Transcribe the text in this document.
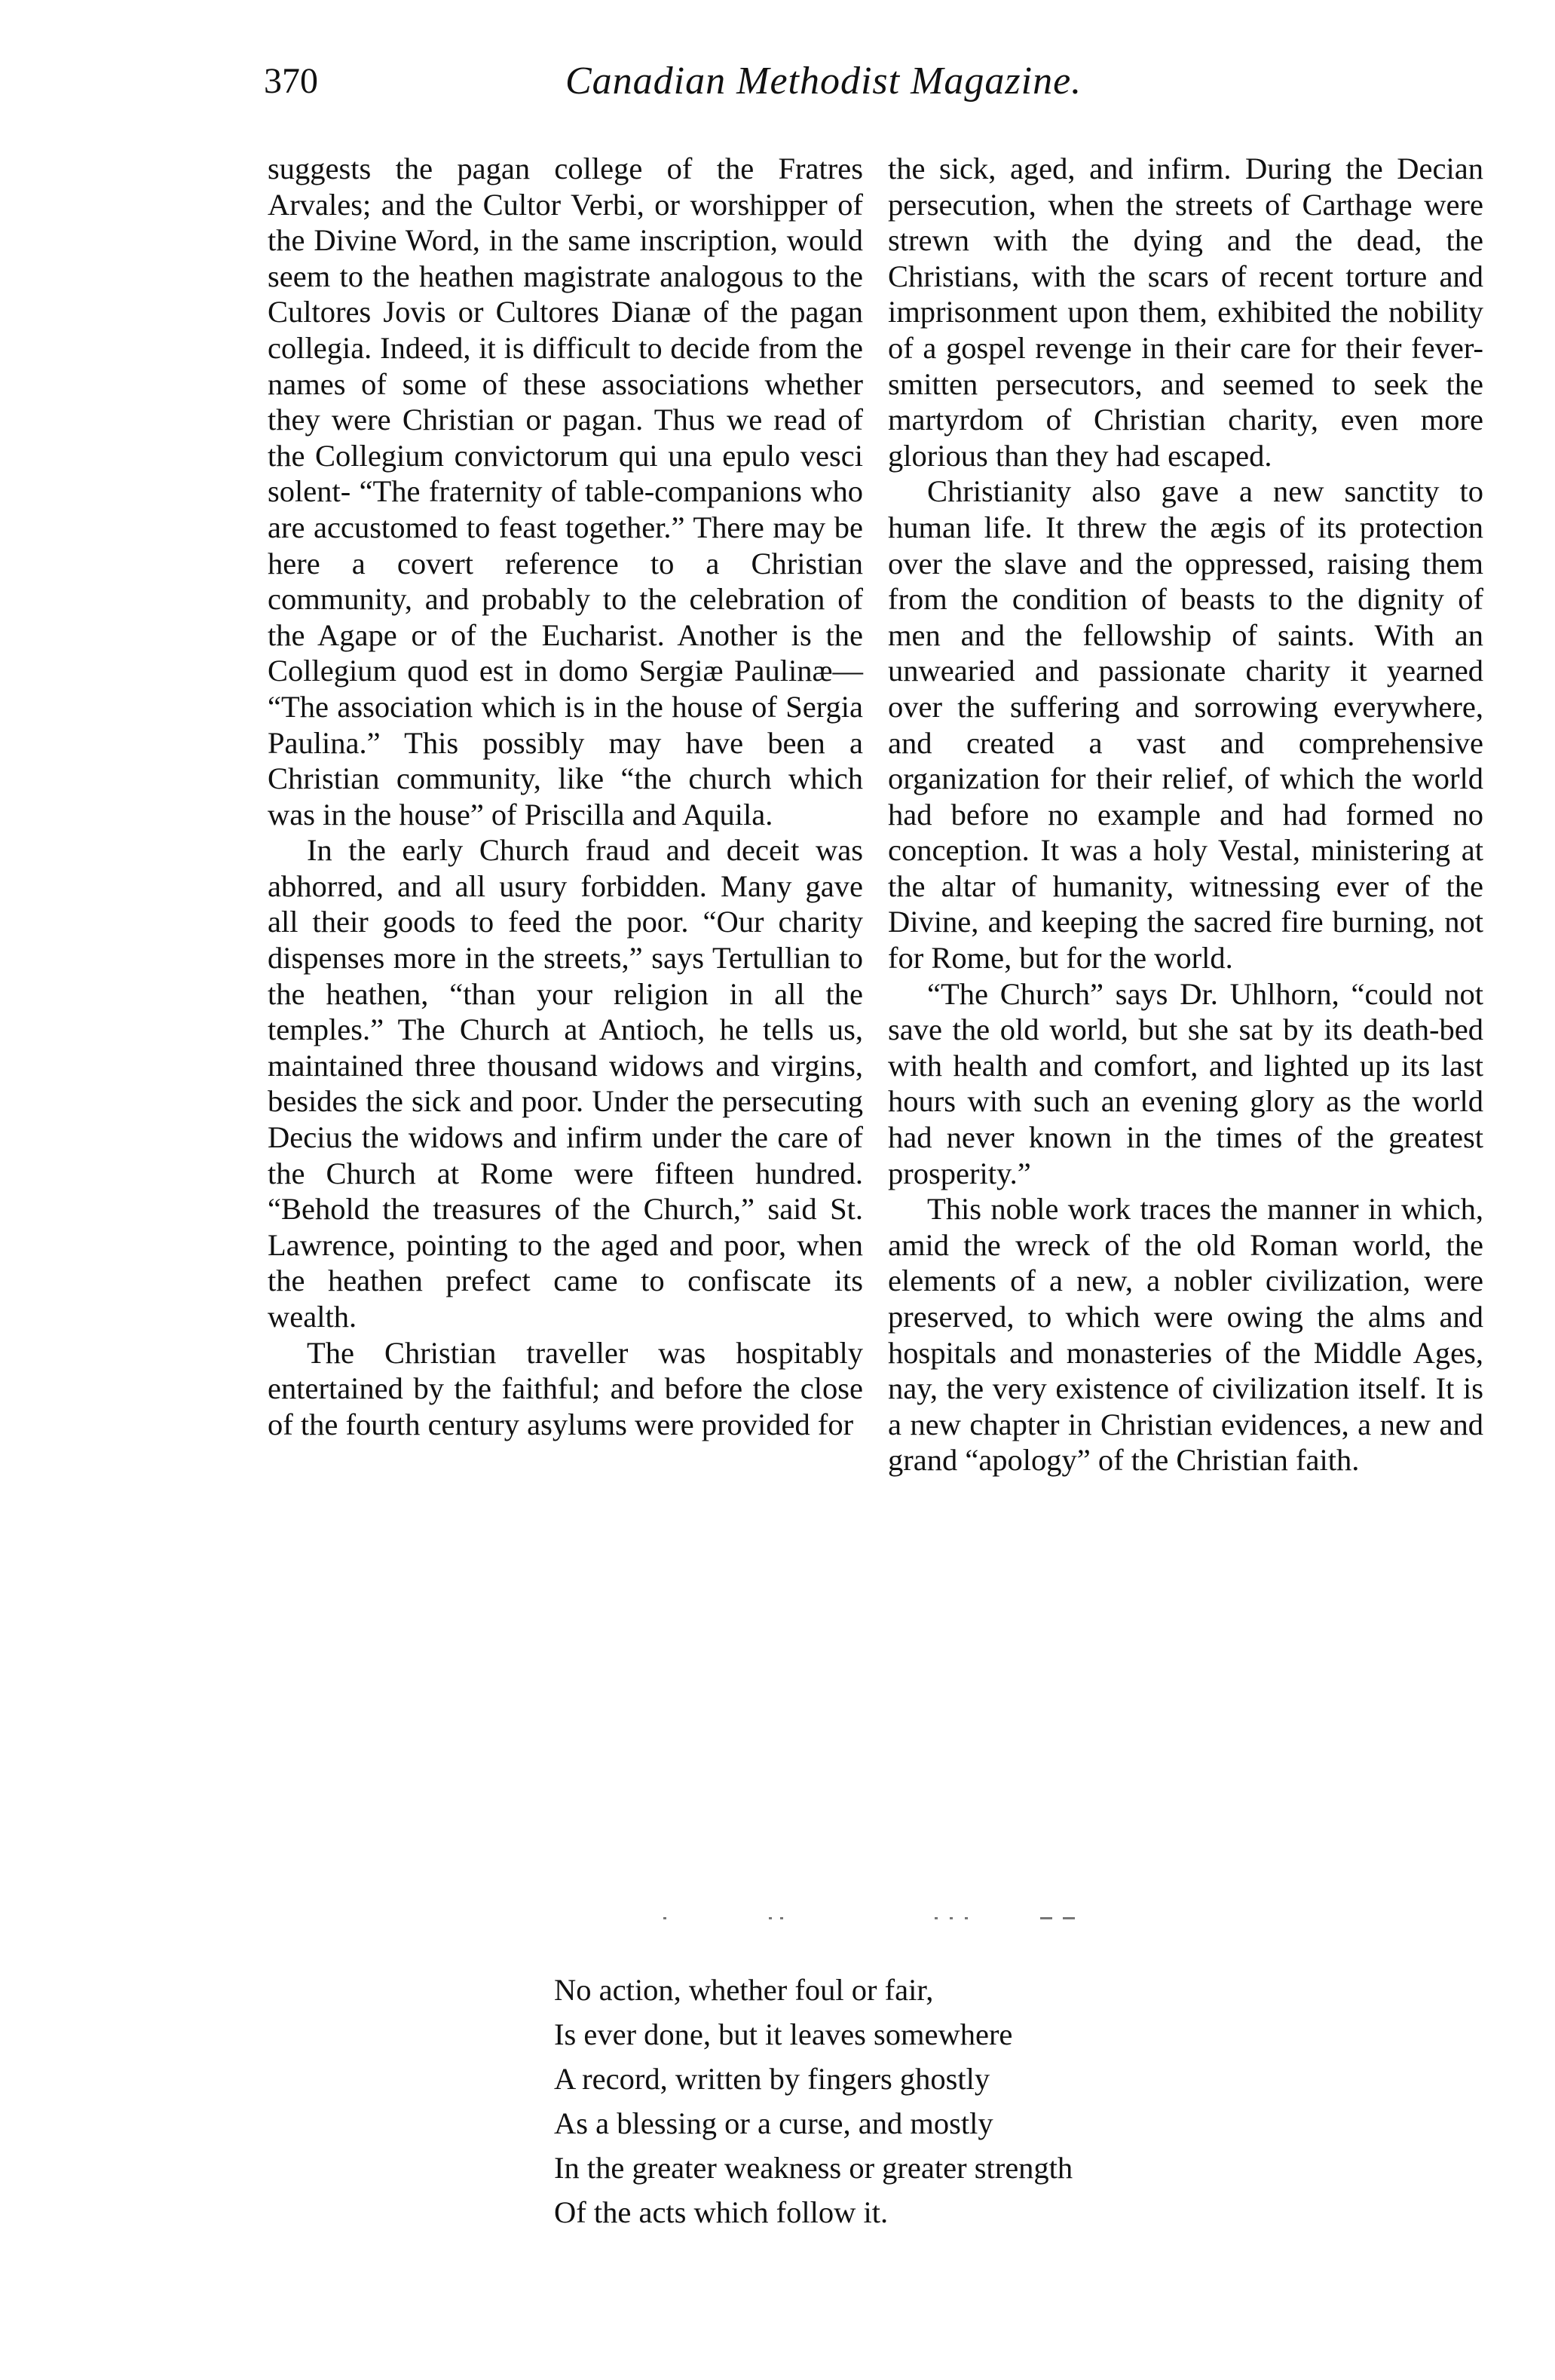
370	Canadian Methodist Magazine.

suggests the pagan college of the Fratres Arvales; and the Cultor Verbi, or worshipper of the Divine Word, in the same inscription, would seem to the heathen magistrate analogous to the Cultores Jovis or Cultores Dianæ of the pagan collegia. Indeed, it is difficult to decide from the names of some of these associations whether they were Christian or pagan. Thus we read of the Collegium convictorum qui una epulo vesci solent- “The fraternity of table-companions who are accustomed to feast together.” There may be here a covert reference to a Christian community, and probably to the celebration of the Agape or of the Eucharist. Another is the Collegium quod est in domo Sergiæ Paulinæ— “The association which is in the house of Sergia Paulina.” This possibly may have been a Christian community, like “the church which was in the house” of Priscilla and Aquila.

In the early Church fraud and deceit was abhorred, and all usury forbidden. Many gave all their goods to feed the poor. “Our charity dispenses more in the streets,” says Tertullian to the heathen, “than your religion in all the temples.” The Church at Antioch, he tells us, maintained three thousand widows and virgins, besides the sick and poor. Under the persecuting Decius the widows and infirm under the care of the Church at Rome were fifteen hundred. “Behold the treasures of the Church,” said St. Lawrence, pointing to the aged and poor, when the heathen prefect came to confiscate its wealth.

The Christian traveller was hospitably entertained by the faithful; and before the close of the fourth century asylums were provided for

the sick, aged, and infirm. During the Decian persecution, when the streets of Carthage were strewn with the dying and the dead, the Christians, with the scars of recent torture and imprisonment upon them, exhibited the nobility of a gospel revenge in their care for their fever-smitten persecutors, and seemed to seek the martyrdom of Christian charity, even more glorious than they had escaped.

Christianity also gave a new sanctity to human life. It threw the ægis of its protection over the slave and the oppressed, raising them from the condition of beasts to the dignity of men and the fellowship of saints. With an unwearied and passionate charity it yearned over the suffering and sorrowing everywhere, and created a vast and comprehensive organization for their relief, of which the world had before no example and had formed no conception. It was a holy Vestal, ministering at the altar of humanity, witnessing ever of the Divine, and keeping the sacred fire burning, not for Rome, but for the world.

“The Church” says Dr. Uhlhorn, “could not save the old world, but she sat by its death-bed with health and comfort, and lighted up its last hours with such an evening glory as the world had never known in the times of the greatest prosperity.”

This noble work traces the manner in which, amid the wreck of the old Roman world, the elements of a new, a nobler civilization, were preserved, to which were owing the alms and hospitals and monasteries of the Middle Ages, nay, the very existence of civilization itself. It is a new chapter in Christian evidences, a new and grand “apology” of the Christian faith.

No action, whether foul or fair,
Is ever done, but it leaves somewhere
A record, written by fingers ghostly
As a blessing or a curse, and mostly
In the greater weakness or greater strength
Of the acts which follow it.
